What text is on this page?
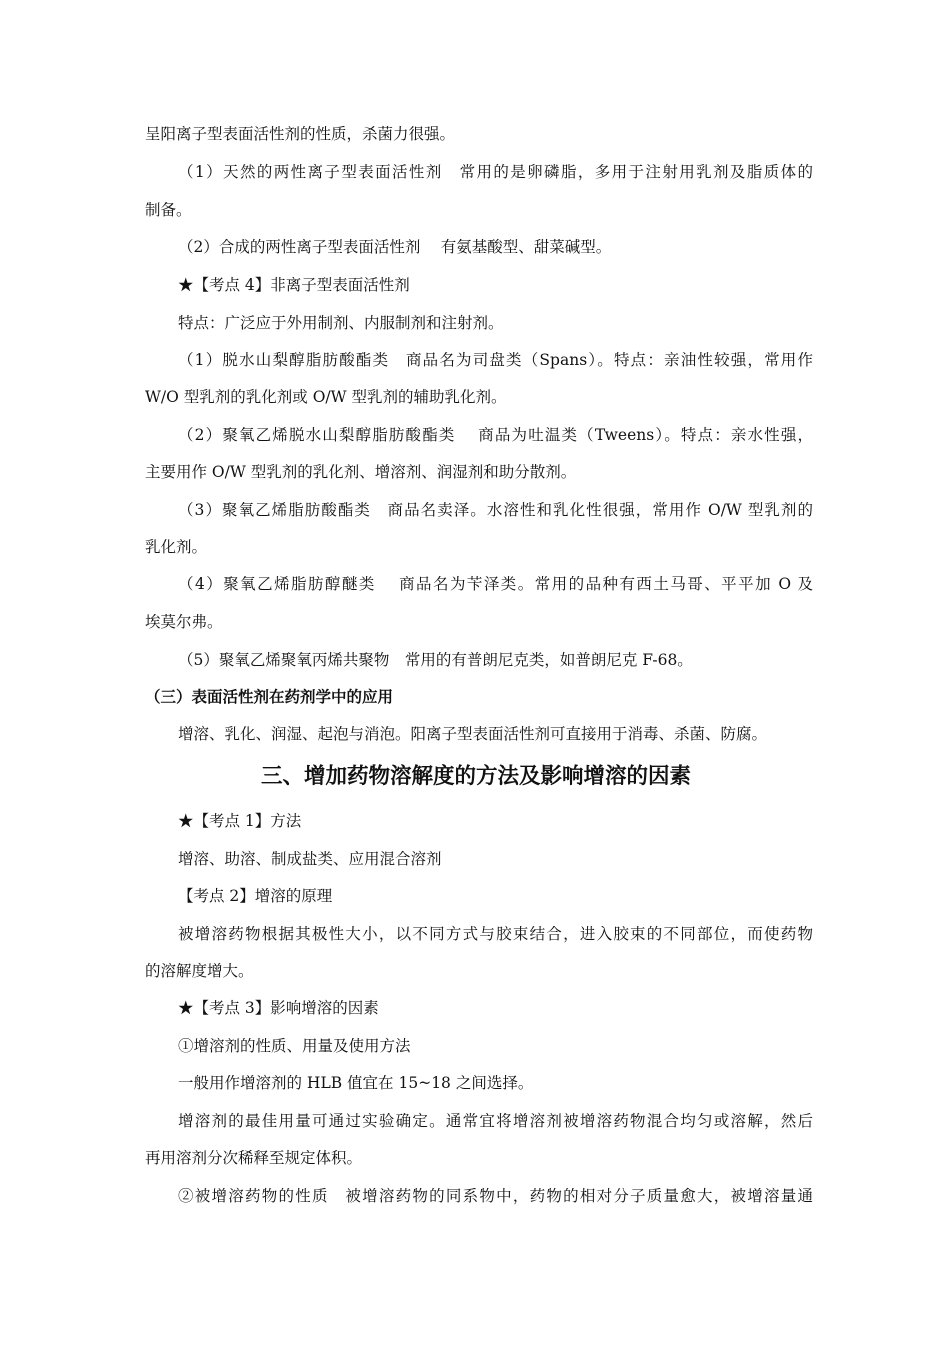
呈阳离子型表面活性剂的性质，杀菌力很强。
（1）天然的两性离子型表面活性剂　常用的是卵磷脂，多用于注射用乳剂及脂质体的
制备。
（2）合成的两性离子型表面活性剂　 有氨基酸型、甜菜碱型。
★【考点 4】非离子型表面活性剂
特点：广泛应于外用制剂、内服制剂和注射剂。
（1）脱水山梨醇脂肪酸酯类　商品名为司盘类（Spans）。特点：亲油性较强，常用作
W/O 型乳剂的乳化剂或 O/W 型乳剂的辅助乳化剂。
（2）聚氧乙烯脱水山梨醇脂肪酸酯类　 商品为吐温类（Tweens）。特点：亲水性强，
主要用作 O/W 型乳剂的乳化剂、增溶剂、润湿剂和助分散剂。
（3）聚氧乙烯脂肪酸酯类　商品名卖泽。水溶性和乳化性很强，常用作 O/W 型乳剂的
乳化剂。
（4）聚氧乙烯脂肪醇醚类　 商品名为苄泽类。常用的品种有西土马哥、平平加 O 及
埃莫尔弗。
（5）聚氧乙烯聚氧丙烯共聚物　常用的有普朗尼克类，如普朗尼克 F-68。
（三）表面活性剂在药剂学中的应用
增溶、乳化、润湿、起泡与消泡。阳离子型表面活性剂可直接用于消毒、杀菌、防腐。
三、增加药物溶解度的方法及影响增溶的因素
★【考点 1】方法
增溶、助溶、制成盐类、应用混合溶剂
【考点 2】增溶的原理
被增溶药物根据其极性大小，以不同方式与胶束结合，进入胶束的不同部位，而使药物
的溶解度增大。
★【考点 3】影响增溶的因素
①增溶剂的性质、用量及使用方法
一般用作增溶剂的 HLB 值宜在 15~18 之间选择。
增溶剂的最佳用量可通过实验确定。通常宜将增溶剂被增溶药物混合均匀或溶解，然后
再用溶剂分次稀释至规定体积。
②被增溶药物的性质　被增溶药物的同系物中，药物的相对分子质量愈大，被增溶量通
